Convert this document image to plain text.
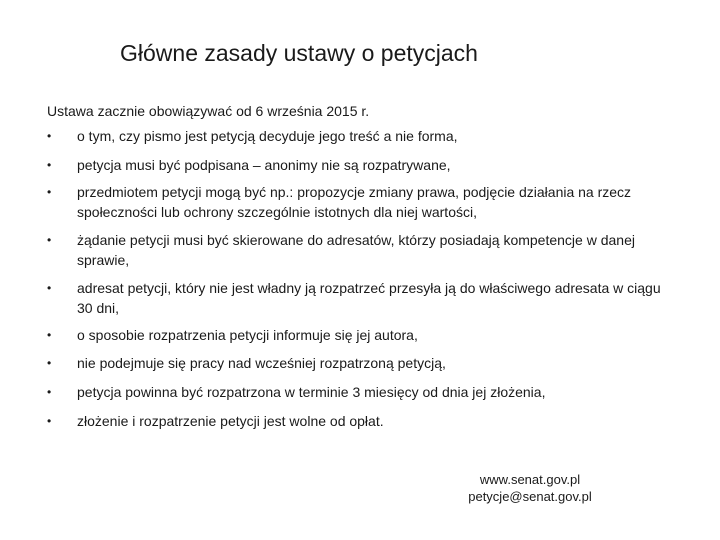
Główne zasady ustawy o petycjach
Ustawa zacznie obowiązywać od 6 września 2015 r.
•	o tym, czy pismo jest petycją decyduje jego treść a nie forma,
•	petycja musi być podpisana – anonimy nie są rozpatrywane,
•	przedmiotem petycji mogą być np.: propozycje zmiany prawa, podjęcie działania na rzecz społeczności lub ochrony szczególnie istotnych dla niej wartości,
•	żądanie petycji musi być skierowane do adresatów, którzy posiadają kompetencje w danej sprawie,
•	adresat petycji, który nie jest władny ją rozpatrzeć przesyła ją do właściwego adresata w ciągu 30 dni,
•	o sposobie rozpatrzenia petycji informuje się jej autora,
•	nie podejmuje się pracy nad wcześniej rozpatrzoną petycją,
•	petycja powinna być rozpatrzona w terminie 3 miesięcy od dnia jej złożenia,
•	złożenie i rozpatrzenie petycji jest wolne od opłat.
www.senat.gov.pl
petycje@senat.gov.pl
